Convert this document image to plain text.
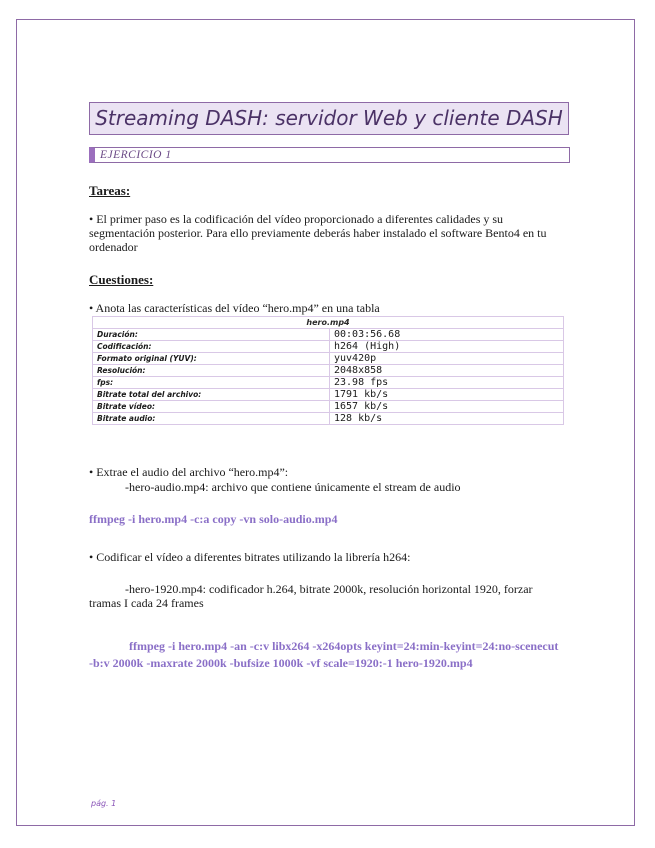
Streaming DASH: servidor Web y cliente DASH
EJERCICIO 1
Tareas:
• El primer paso es la codificación del vídeo proporcionado a diferentes calidades y su segmentación posterior. Para ello previamente deberás haber instalado el software Bento4 en tu ordenador
Cuestiones:
• Anota las características del vídeo “hero.mp4” en una tabla
hero.mp4	
Duración:	00:03:56.68
Codificación:	h264 (High)
Formato original (YUV):	yuv420p
Resolución:	2048x858
fps:	23.98 fps
Bitrate total del archivo:	1791 kb/s
Bitrate vídeo:	1657 kb/s
Bitrate audio:	128 kb/s
• Extrae el audio del archivo “hero.mp4”:
-hero-audio.mp4: archivo que contiene únicamente el stream de audio
ffmpeg -i hero.mp4 -c:a copy -vn solo-audio.mp4
• Codificar el vídeo a diferentes bitrates utilizando la librería h264:
-hero-1920.mp4: codificador h.264, bitrate 2000k, resolución horizontal 1920, forzar tramas I cada 24 frames
ffmpeg -i hero.mp4 -an -c:v libx264 -x264opts keyint=24:min-keyint=24:no-scenecut -b:v 2000k -maxrate 2000k -bufsize 1000k -vf scale=1920:-1 hero-1920.mp4
pág. 1
